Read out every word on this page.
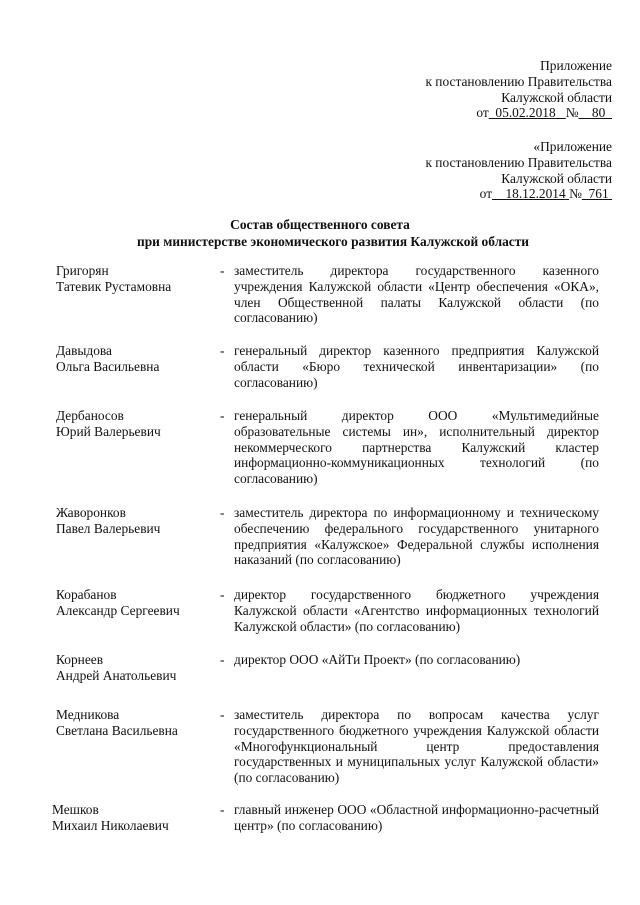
Приложение
к постановлению Правительства
Калужской области
от 05.02.2018 № 80
«Приложение
к постановлению Правительства
Калужской области
от 18.12.2014 № 761
Состав общественного совета
при министерстве экономического развития Калужской области
Григорян
Татевик Рустамовна
- заместитель директора государственного казенного учреждения Калужской области «Центр обеспечения «ОКА», член Общественной палаты Калужской области (по согласованию)
Давыдова
Ольга Васильевна
- генеральный директор казенного предприятия Калужской области «Бюро технической инвентаризации» (по согласованию)
Дербаносов
Юрий Валерьевич
- генеральный директор ООО «Мультимедийные образовательные системы ин», исполнительный директор некоммерческого партнерства Калужский кластер информационно-коммуникационных технологий (по согласованию)
Жаворонков
Павел Валерьевич
- заместитель директора по информационному и техническому обеспечению федерального государственного унитарного предприятия «Калужское» Федеральной службы исполнения наказаний (по согласованию)
Корабанов
Александр Сергеевич
- директор государственного бюджетного учреждения Калужской области «Агентство информационных технологий Калужской области» (по согласованию)
Корнеев
Андрей Анатольевич
- директор ООО «АйТи Проект» (по согласованию)
Медникова
Светлана Васильевна
- заместитель директора по вопросам качества услуг государственного бюджетного учреждения Калужской области «Многофункциональный центр предоставления государственных и муниципальных услуг Калужской области» (по согласованию)
Мешков
Михаил Николаевич
- главный инженер ООО «Областной информационно-расчетный центр» (по согласованию)
